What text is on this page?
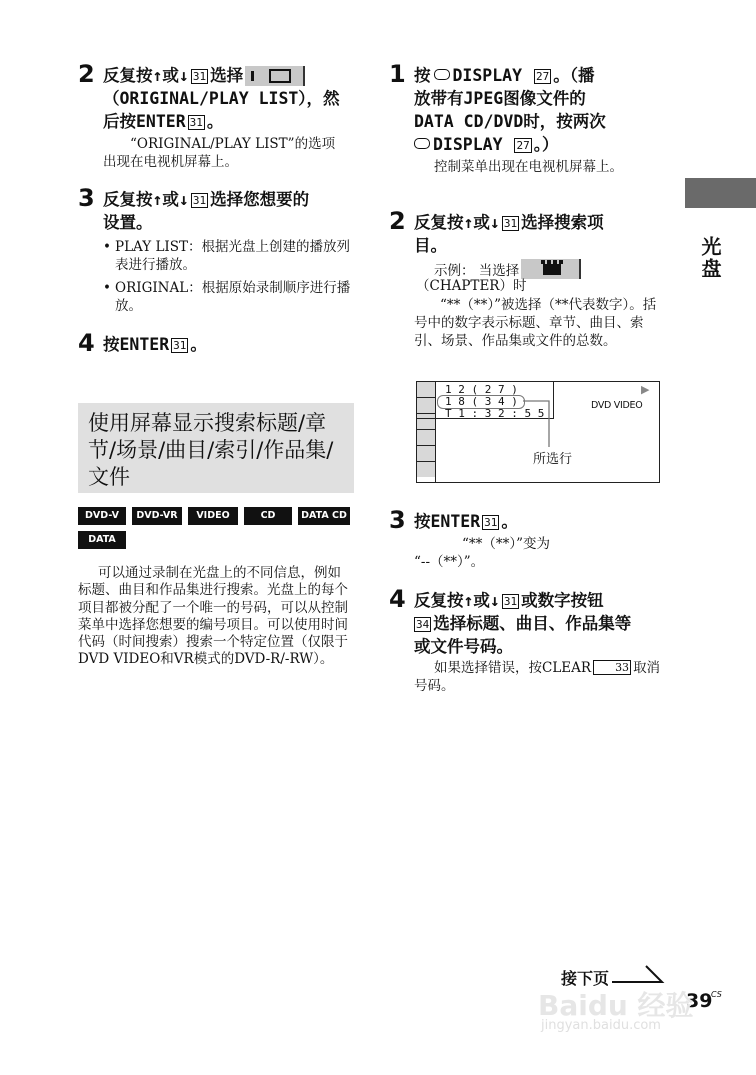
光盘
2 反复按↑或↓ 31 选择
（ORIGINAL/PLAY LIST），然
后按ENTER 31 。
“ORIGINAL/PLAY LIST”的选项出现在电视机屏幕上。
3 反复按↑或↓ 31 选择您想要的
设置。
• PLAY LIST：根据光盘上创建的播放列表进行播放。
• ORIGINAL：根据原始录制顺序进行播放。
4 按ENTER 31 。
使用屏幕显示搜索标题/章节/场景/曲目/索引/作品集/文件
DVD-V	DVD-VR	VIDEO CD
CD	DATA CD
DATA DVD
可以通过录制在光盘上的不同信息，例如标题、曲目和作品集进行搜索。光盘上的每个项目都被分配了一个唯一的号码，可以从控制菜单中选择您想要的编号项目。可以使用时间代码（时间搜索）搜索一个特定位置（仅限于DVD VIDEO和VR模式的DVD-R/-RW）。
1 按 DISPLAY 27 。（播
放带有JPEG图像文件的
DATA CD/DVD时，按两次
DISPLAY 27 。）
控制菜单出现在电视机屏幕上。
2 反复按↑或↓ 31 选择搜索项
目。
示例： 当选择
（CHAPTER）时
“**（**）”被选择（**代表数字）。括号中的数字表示标题、章节、曲目、索引、场景、作品集或文件的总数。
1 2 ( 2 7 )
1 8 ( 3 4 )
T 1 : 3 2 : 5 5
所选行
▶
DVD VIDEO
3 按ENTER 31 。
“**（**）”变为
“--（**）”。
4 反复按↑或↓ 31 或数字按钮
34 选择标题、曲目、作品集等
或文件号码。
如果选择错误，按CLEAR 33 取消号码。
接下页
39
CS
Baidu 经验
jingyan.baidu.com
